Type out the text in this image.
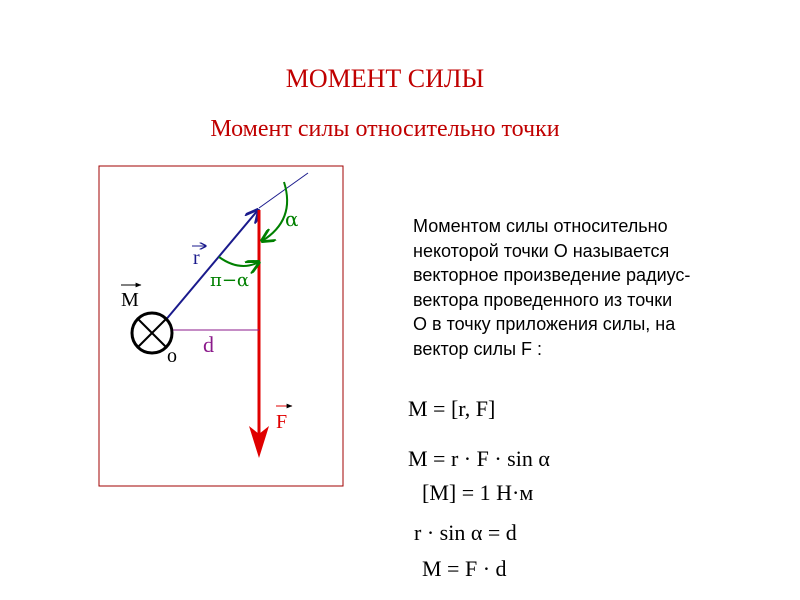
МОМЕНТ СИЛЫ
Момент силы относительно точки
r
M
F
d
o
α
π−α
Моментом силы относительно
некоторой точки О называется
векторное произведение радиус-
вектора проведенного из точки
О в точку приложения силы, на
вектор силы F :
M = [r, F]
M = r · F · sin α
[M] = 1 Н·м
r · sin α = d
M = F · d
